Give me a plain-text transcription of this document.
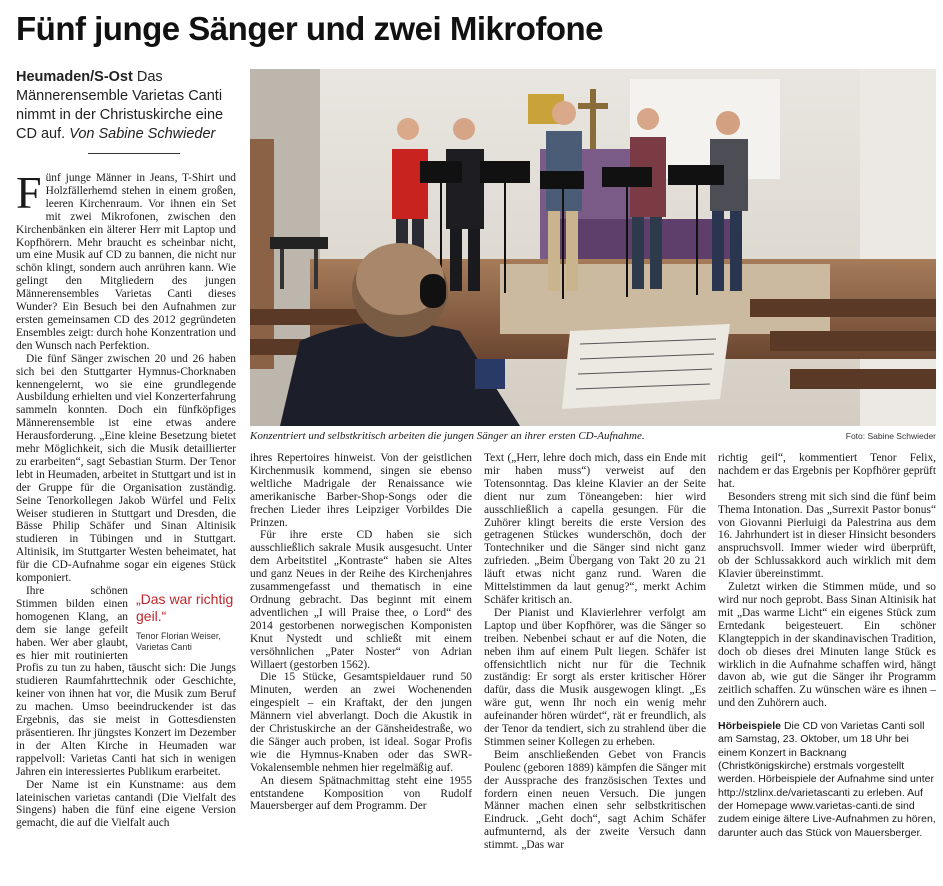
Fünf junge Sänger und zwei Mikrofone
Heumaden/S-Ost Das Männerensemble Varietas Canti nimmt in der Christuskirche eine CD auf. Von Sabine Schwieder
Konzentriert und selbstkritisch arbeiten die jungen Sänger an ihrer ersten CD-Aufnahme.	Foto: Sabine Schwieder

Fünf junge Männer in Jeans, T-Shirt und Holzfällerhemd stehen in einem großen, leeren Kirchenraum. Vor ihnen ein Set mit zwei Mikrofonen, zwischen den Kirchenbänken ein älterer Herr mit Laptop und Kopfhörern. Mehr braucht es scheinbar nicht, um eine Musik auf CD zu bannen, die nicht nur schön klingt, sondern auch anrühren kann. Wie gelingt den Mitgliedern des jungen Männerensembles Varietas Canti dieses Wunder? Ein Besuch bei den Aufnahmen zur ersten gemeinsamen CD des 2012 gegründeten Ensembles zeigt: durch hohe Konzentration und den Wunsch nach Perfektion.

Die fünf Sänger zwischen 20 und 26 haben sich bei den Stuttgarter Hymnus-Chorknaben kennengelernt, wo sie eine grundlegende Ausbildung erhielten und viel Konzerterfahrung sammeln konnten. Doch ein fünfköpfiges Männerensemble ist eine etwas andere Herausforderung. „Eine kleine Besetzung bietet mehr Möglichkeit, sich die Musik detaillierter zu erarbeiten“, sagt Sebastian Sturm. Der Tenor lebt in Heumaden, arbeitet in Stuttgart und ist in der Gruppe für die Organisation zuständig. Seine Tenorkollegen Jakob Würfel und Felix Weiser studieren in Stuttgart und Dresden, die Bässe Philip Schäfer und Sinan Altinisik studieren in Tübingen und in Stuttgart. Altinisik, im Stuttgarter Westen beheimatet, hat für die CD-Aufnahme sogar ein eigenes Stück komponiert.

„Das war richtig geil.“
Tenor Florian Weiser, Varietas Canti

Ihre schönen Stimmen bilden einen homogenen Klang, an dem sie lange gefeilt haben. Wer aber glaubt, es hier mit routinierten Profis zu tun zu haben, täuscht sich: Die Jungs studieren Raumfahrttechnik oder Geschichte, keiner von ihnen hat vor, die Musik zum Beruf zu machen. Umso beeindruckender ist das Ergebnis, das sie meist in Gottesdiensten präsentieren. Ihr jüngstes Konzert im Dezember in der Alten Kirche in Heumaden war rappelvoll: Varietas Canti hat sich in wenigen Jahren ein interessiertes Publikum erarbeitet.

Der Name ist ein Kunstname: aus dem lateinischen varietas cantandi (Die Vielfalt des Singens) haben die fünf eine eigene Version gemacht, die auf die Vielfalt auch

ihres Repertoires hinweist. Von der geistlichen Kirchenmusik kommend, singen sie ebenso weltliche Madrigale der Renaissance wie amerikanische Barber-Shop-Songs oder die frechen Lieder ihres Leipziger Vorbildes Die Prinzen.

Für ihre erste CD haben sie sich ausschließlich sakrale Musik ausgesucht. Unter dem Arbeitstitel „Kontraste“ haben sie Altes und ganz Neues in der Reihe des Kirchenjahres zusammengefasst und thematisch in eine Ordnung gebracht. Das beginnt mit einem adventlichen „I will Praise thee, o Lord“ des 2014 gestorbenen norwegischen Komponisten Knut Nystedt und schließt mit einem versöhnlichen „Pater Noster“ von Adrian Willaert (gestorben 1562).

Die 15 Stücke, Gesamtspieldauer rund 50 Minuten, werden an zwei Wochenenden eingespielt – ein Kraftakt, der den jungen Männern viel abverlangt. Doch die Akustik in der Christuskirche an der Gänsheidestraße, wo die Sänger auch proben, ist ideal. Sogar Profis wie die Hymnus-Knaben oder das SWR-Vokalensemble nehmen hier regelmäßig auf.

An diesem Spätnachmittag steht eine 1955 entstandene Komposition von Rudolf Mauersberger auf dem Programm. Der

Text („Herr, lehre doch mich, dass ein Ende mit mir haben muss“) verweist auf den Totensonntag. Das kleine Klavier an der Seite dient nur zum Töneangeben: hier wird ausschließlich a capella gesungen. Für die Zuhörer klingt bereits die erste Version des getragenen Stückes wunderschön, doch der Tontechniker und die Sänger sind nicht ganz zufrieden. „Beim Übergang von Takt 20 zu 21 läuft etwas nicht ganz rund. Waren die Mittelstimmen da laut genug?“, merkt Achim Schäfer kritisch an.

Der Pianist und Klavierlehrer verfolgt am Laptop und über Kopfhörer, was die Sänger so treiben. Nebenbei schaut er auf die Noten, die neben ihm auf einem Pult liegen. Schäfer ist offensichtlich nicht nur für die Technik zuständig: Er sorgt als erster kritischer Hörer dafür, dass die Musik ausgewogen klingt. „Es wäre gut, wenn Ihr noch ein wenig mehr aufeinander hören würdet“, rät er freundlich, als der Tenor da tendiert, sich zu strahlend über die Stimmen seiner Kollegen zu erheben.

Beim anschließenden Gebet von Francis Poulenc (geboren 1889) kämpfen die Sänger mit der Aussprache des französischen Textes und fordern einen neuen Versuch. Die jungen Männer machen einen sehr selbstkritischen Eindruck. „Geht doch“, sagt Achim Schäfer aufmunternd, als der zweite Versuch dann stimmt. „Das war

richtig geil“, kommentiert Tenor Felix, nachdem er das Ergebnis per Kopfhörer geprüft hat.

Besonders streng mit sich sind die fünf beim Thema Intonation. Das „Surrexit Pastor bonus“ von Giovanni Pierluigi da Palestrina aus dem 16. Jahrhundert ist in dieser Hinsicht besonders anspruchsvoll. Immer wieder wird überprüft, ob der Schlussakkord auch wirklich mit dem Klavier übereinstimmt.

Zuletzt wirken die Stimmen müde, und so wird nur noch geprobt. Bass Sinan Altinisik hat mit „Das warme Licht“ ein eigenes Stück zum Erntedank beigesteuert. Ein schöner Klangteppich in der skandinavischen Tradition, doch ob dieses drei Minuten lange Stück es wirklich in die Aufnahme schaffen wird, hängt davon ab, wie gut die Sänger ihr Programm zeitlich schaffen. Zu wünschen wäre es ihnen – und den Zuhörern auch.

Hörbeispiele Die CD von Varietas Canti soll am Samstag, 23. Oktober, um 18 Uhr bei einem Konzert in Backnang (Christkönigskirche) erstmals vorgestellt werden. Hörbeispiele der Aufnahme sind unter http://stzlinx.de/varietascanti zu erleben. Auf der Homepage www.varietas-canti.de sind zudem einige ältere Live-Aufnahmen zu hören, darunter auch das Stück von Mauersberger.
